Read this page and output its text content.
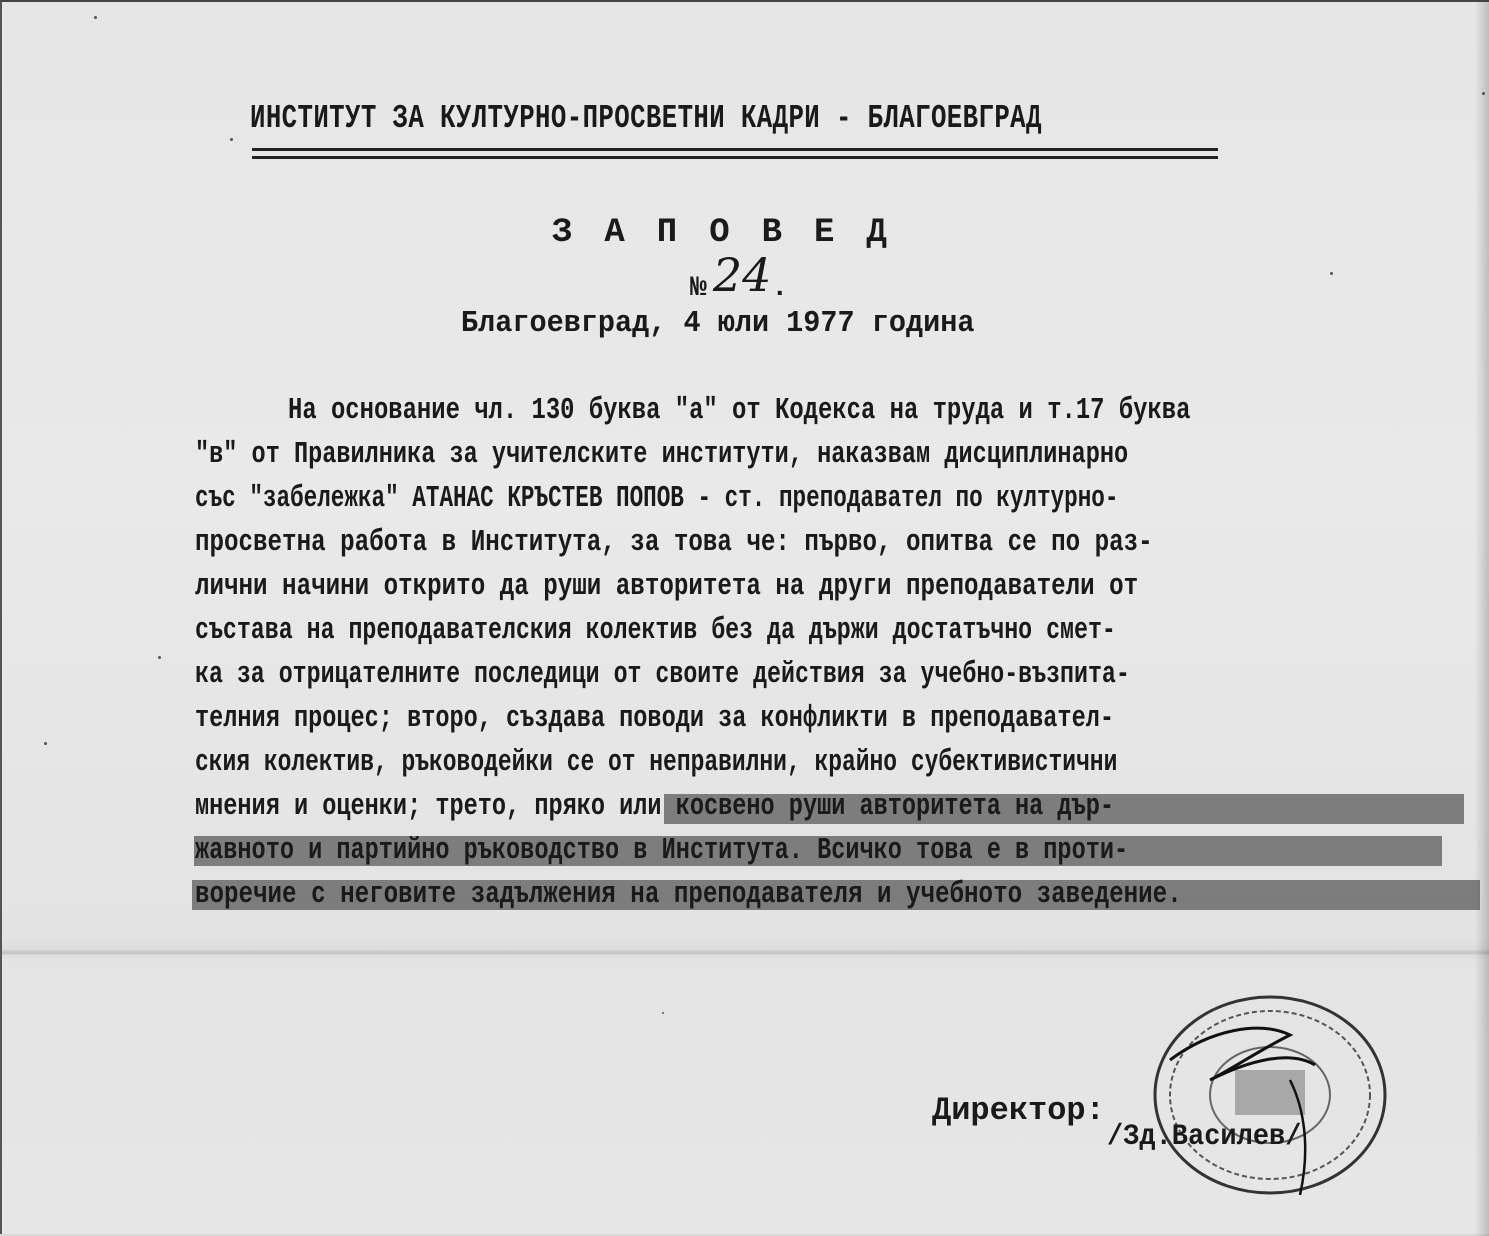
ИНСТИТУТ ЗА КУЛТУРНО-ПРОСВЕТНИ КАДРИ - БЛАГОЕВГРАД
ЗАПОВЕД
№ 24.
Благоевград, 4 юли 1977 година
На основание чл. 130 буква "а" от Кодекса на труда и т.17 буква
"в" от Правилника за учителските институти, наказвам дисциплинарно
със "забележка" АТАНАС КРЪСТЕВ ПОПОВ - ст. преподавател по културно-
просветна работа в Института, за това че: първо, опитва се по раз-
лични начини открито да руши авторитета на други преподаватели от
състава на преподавателския колектив без да държи достатъчно смет-
ка за отрицателните последици от своите действия за учебно-възпита-
телния процес; второ, създава поводи за конфликти в преподавател-
ския колектив, ръководейки се от неправилни, крайно субективистични
мнения и оценки; трето, пряко или косвено руши авторитета на дър-
жавното и партийно ръководство в Института. Всичко това е в проти-
воречие с неговите задължения на преподавателя и учебното заведение.
Директор:
/Зд.Василев/
